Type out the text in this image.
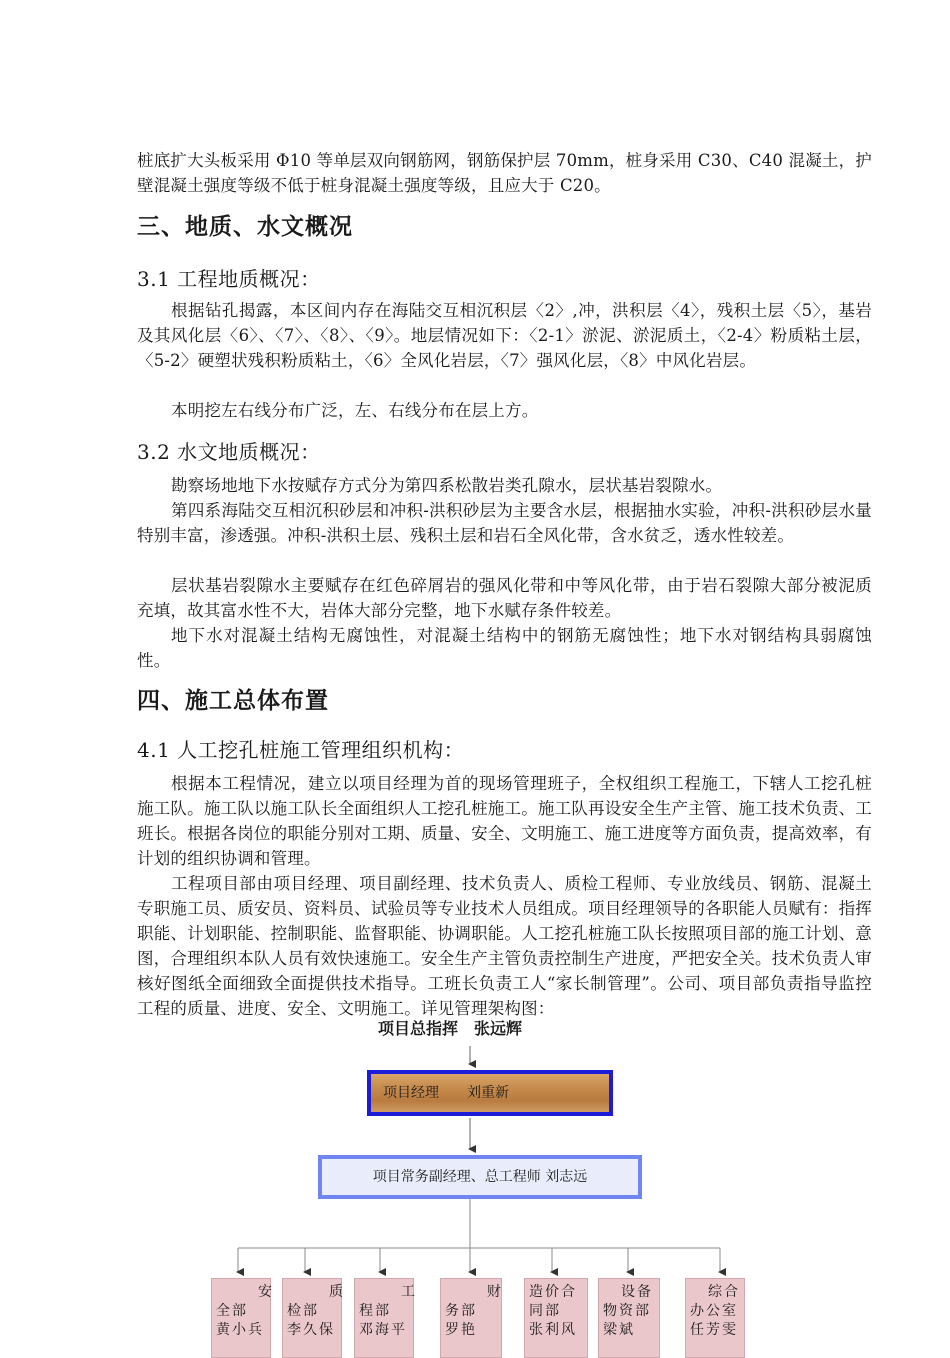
桩底扩大头板采用 Φ10 等单层双向钢筋网，钢筋保护层 70mm，桩身采用 C30、C40 混凝土，护壁混凝土强度等级不低于桩身混凝土强度等级，且应大于 C20。
三、地质、水文概况
3.1 工程地质概况：
根据钻孔揭露，本区间内存在海陆交互相沉积层〈2〉,冲，洪积层〈4〉，残积土层〈5〉，基岩及其风化层〈6〉、〈7〉、〈8〉、〈9〉。地层情况如下：〈2-1〉淤泥、淤泥质土，〈2-4〉粉质粘土层，〈5-2〉硬塑状残积粉质粘土，〈6〉全风化岩层，〈7〉强风化层，〈8〉中风化岩层。
本明挖左右线分布广泛，左、右线分布在层上方。
3.2 水文地质概况：
勘察场地地下水按赋存方式分为第四系松散岩类孔隙水，层状基岩裂隙水。
第四系海陆交互相沉积砂层和冲积-洪积砂层为主要含水层，根据抽水实验，冲积-洪积砂层水量特别丰富，渗透强。冲积-洪积土层、残积土层和岩石全风化带，含水贫乏，透水性较差。
层状基岩裂隙水主要赋存在红色碎屑岩的强风化带和中等风化带，由于岩石裂隙大部分被泥质充填，故其富水性不大，岩体大部分完整，地下水赋存条件较差。
地下水对混凝土结构无腐蚀性，对混凝土结构中的钢筋无腐蚀性；地下水对钢结构具弱腐蚀性。
四、施工总体布置
4.1 人工挖孔桩施工管理组织机构：
根据本工程情况，建立以项目经理为首的现场管理班子，全权组织工程施工，下辖人工挖孔桩施工队。施工队以施工队长全面组织人工挖孔桩施工。施工队再设安全生产主管、施工技术负责、工班长。根据各岗位的职能分别对工期、质量、安全、文明施工、施工进度等方面负责，提高效率，有计划的组织协调和管理。
工程项目部由项目经理、项目副经理、技术负责人、质检工程师、专业放线员、钢筋、混凝土专职施工员、质安员、资料员、试验员等专业技术人员组成。项目经理领导的各职能人员赋有：指挥职能、计划职能、控制职能、监督职能、协调职能。人工挖孔桩施工队长按照项目部的施工计划、意图，合理组织本队人员有效快速施工。安全生产主管负责控制生产进度，严把安全关。技术负责人审核好图纸全面细致全面提供技术指导。工班长负责工人“家长制管理”。公司、项目部负责指导监控工程的质量、进度、安全、文明施工。详见管理架构图：
项目总指挥　张远辉
项目经理　　刘重新
项目常务副经理、总工程师 刘志远
安全部 黄小兵
质检部 李久保
工程部 邓海平
财务部 罗艳
造价合同部 张利风
设备物资部 梁斌
综合办公室 任芳雯
